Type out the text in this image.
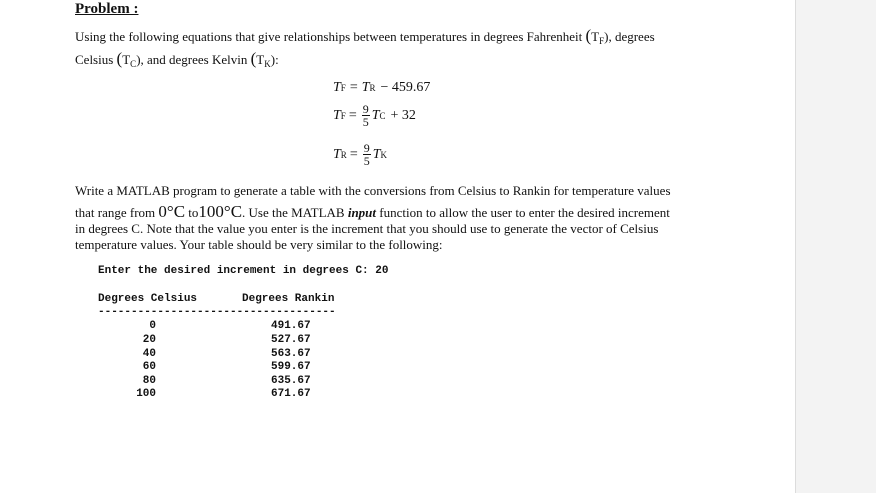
Problem :
Using the following equations that give relationships between temperatures in degrees Fahrenheit $(T_F)$, degrees
Celsius $(T_C)$, and degrees Kelvin $(T_K)$:
T F = T R − 459.67
T $F = \frac{9}{5}$ T C + 32
T $R = \frac{9}{5}$ T K
Write a MATLAB program to generate a table with the conversions from Celsius to Rankin for temperature values
that range from 0°C to100°C. Use the MATLAB input function to allow the user to enter the desired increment
in degrees C. Note that the value you enter is the increment that you should use to generate the vector of Celsius
temperature values. Your table should be very similar to the following:
Enter the desired increment in degrees C: 20
Degrees Celsius	Degrees Rankin
------------------------------------
0	491.67
20	527.67
40	563.67
60	599.67
80	635.67
100	671.67
